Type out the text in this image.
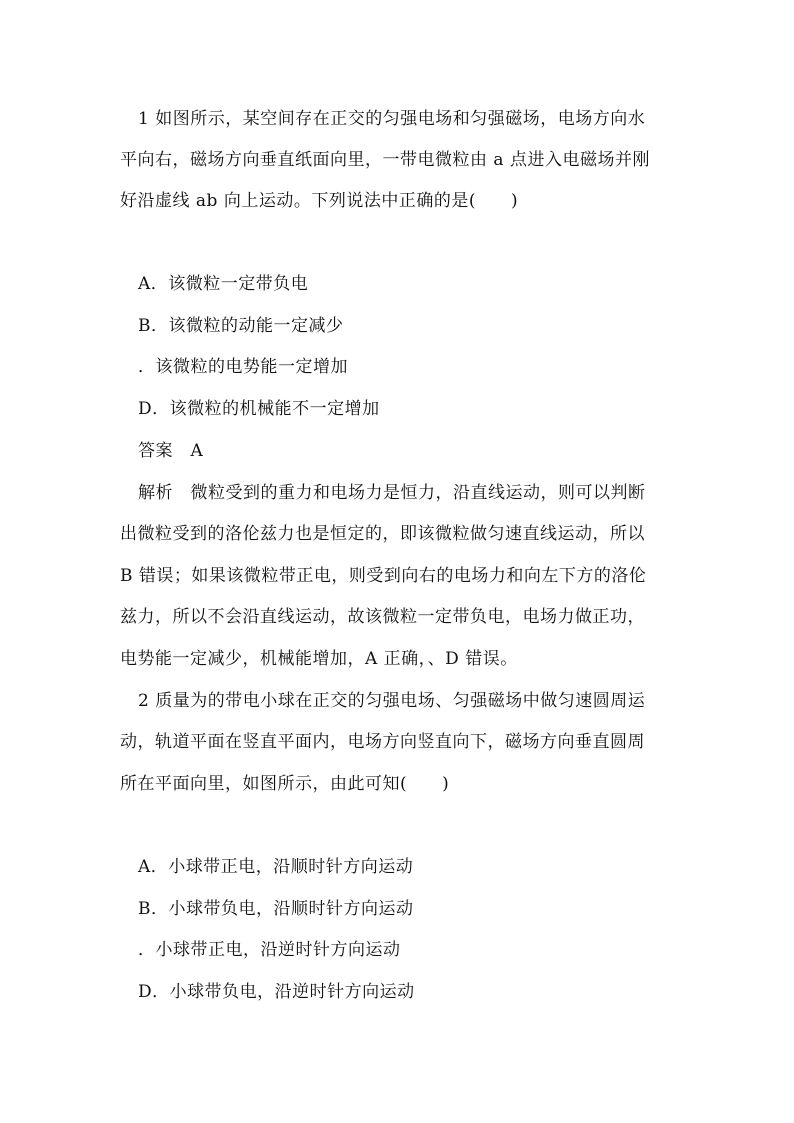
1 如图所示，某空间存在正交的匀强电场和匀强磁场，电场方向水
平向右，磁场方向垂直纸面向里，一带电微粒由 a 点进入电磁场并刚
好沿虚线 ab 向上运动。下列说法中正确的是(　　)
A．该微粒一定带负电
B．该微粒的动能一定减少
．该微粒的电势能一定增加
D．该微粒的机械能不一定增加
答案　A
解析　微粒受到的重力和电场力是恒力，沿直线运动，则可以判断
出微粒受到的洛伦兹力也是恒定的，即该微粒做匀速直线运动，所以
B 错误；如果该微粒带正电，则受到向右的电场力和向左下方的洛伦
兹力，所以不会沿直线运动，故该微粒一定带负电，电场力做正功，
电势能一定减少，机械能增加，A 正确，、D 错误。
2 质量为的带电小球在正交的匀强电场、匀强磁场中做匀速圆周运
动，轨道平面在竖直平面内，电场方向竖直向下，磁场方向垂直圆周
所在平面向里，如图所示，由此可知(　　)
A．小球带正电，沿顺时针方向运动
B．小球带负电，沿顺时针方向运动
．小球带正电，沿逆时针方向运动
D．小球带负电，沿逆时针方向运动
